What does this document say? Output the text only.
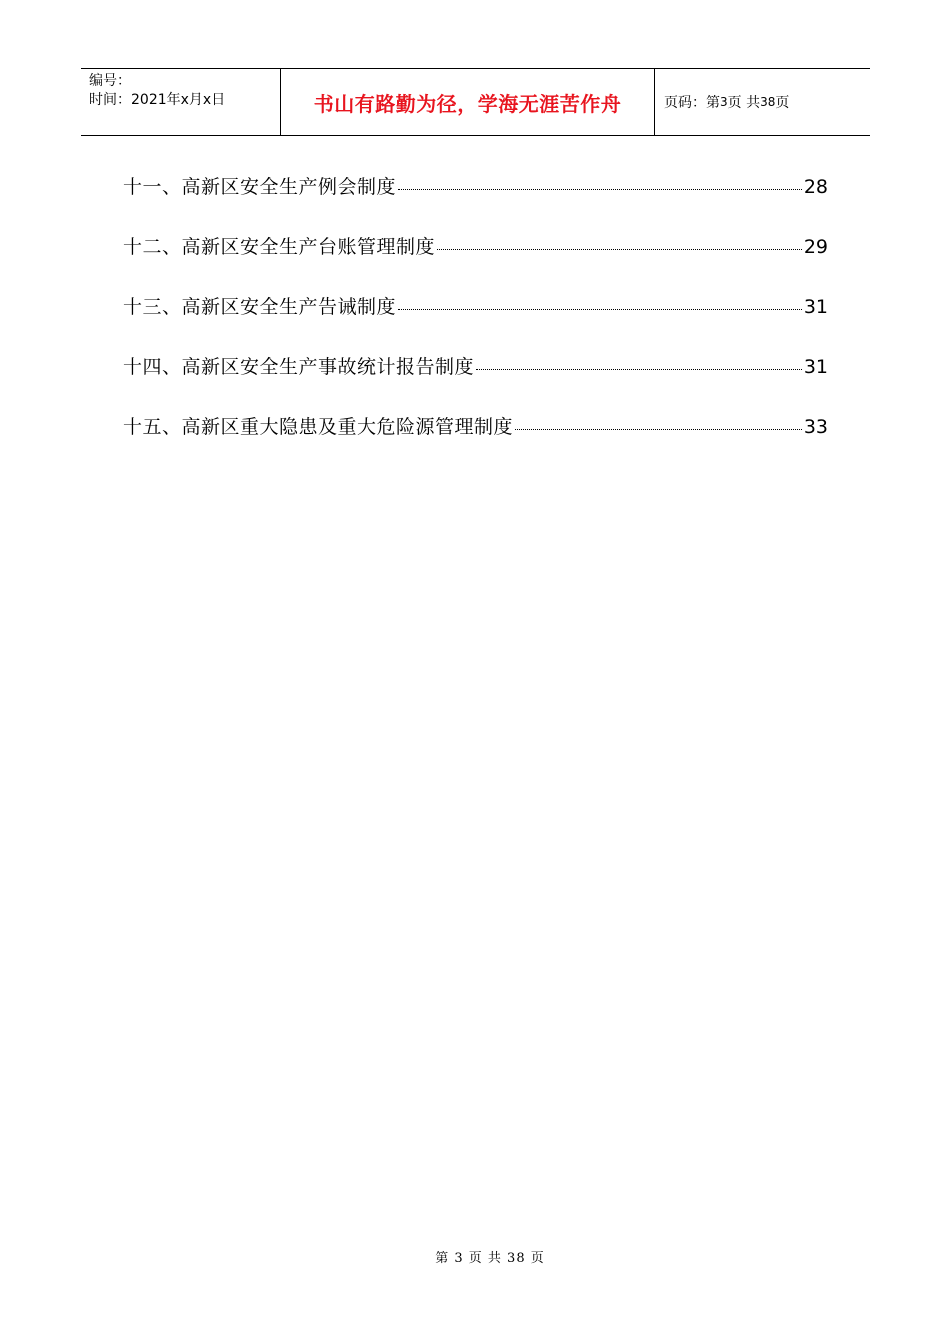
编号：
时间：2021年x月x日	书山有路勤为径，学海无涯苦作舟	页码：第 3 页 共 38 页
十一、高新区安全生产例会制度	28
十二、高新区安全生产台账管理制度	29
十三、高新区安全生产告诫制度	31
十四、高新区安全生产事故统计报告制度	31
十五、高新区重大隐患及重大危险源管理制度	33
第 3 页 共 38 页
